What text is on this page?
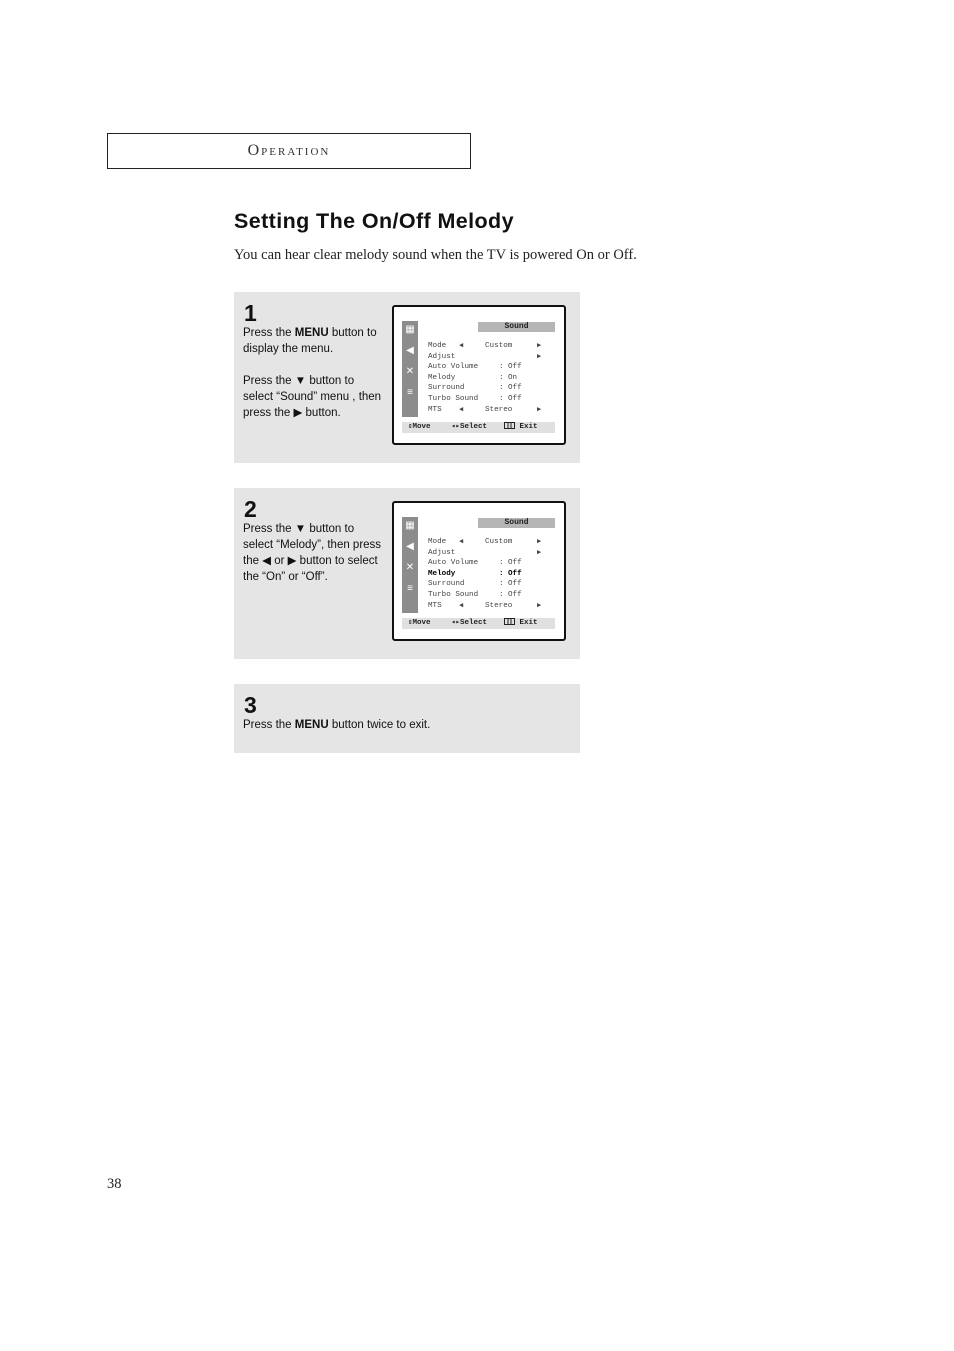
Operation
Setting The On/Off Melody

You can hear clear melody sound when the TV is powered On or Off.

1

Press the MENU button to display the menu.

Press the ▼ button to select “Sound” menu , then press the ▶ button.

▦
◀
✕
≡
Sound
Mode ◀	Custom	▶
Adjust	▶
Auto Volume	: Off
Melody	: On
Surround	: Off
Turbo Sound	: Off
MTS ◀	Stereo	▶
⇕Move	◂▸Select	Exit
2

Press the ▼ button to select “Melody”, then press the ◀ or ▶ button to select the “On” or “Off”.

▦
◀
✕
≡
Sound
Mode ◀	Custom	▶
Adjust	▶
Auto Volume	: Off
Melody	: Off
Surround	: Off
Turbo Sound	: Off
MTS ◀	Stereo	▶
⇕Move	◂▸Select	Exit
3

Press the MENU button twice to exit.

38
